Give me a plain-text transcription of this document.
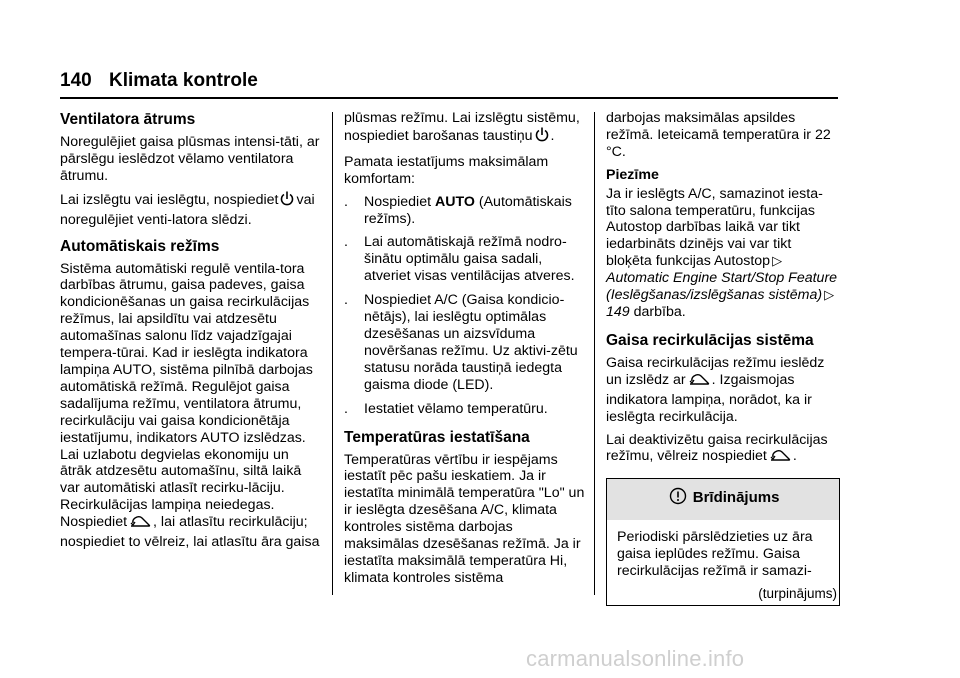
140 Klimata kontrole
Ventilatora ātrums

Noregulējiet gaisa plūsmas intensi-tāti, ar pārslēgu ieslēdzot vēlamo ventilatora ātrumu.

Lai izslēgtu vai ieslēgtu, nospiediet vai noregulējiet venti-latora slēdzi.

Automātiskais režīms

Sistēma automātiski regulē ventila-tora darbības ātrumu, gaisa padeves, gaisa kondicionēšanas un gaisa recirkulācijas režīmus, lai apsildītu vai atdzesētu automašīnas salonu līdz vajadzīgajai tempera-tūrai. Kad ir ieslēgta indikatora lampiņa AUTO, sistēma pilnībā darbojas automātiskā režīmā. Regulējot gaisa sadalījuma režīmu, ventilatora ātrumu, recirkulāciju vai gaisa kondicionētāja iestatījumu, indikators AUTO izslēdzas. Lai uzlabotu degvielas ekonomiju un ātrāk atdzesētu automašīnu, siltā laikā var automātiski atlasīt recirku-lāciju. Recirkulācijas lampiņa neiedegas. Nospiediet , lai atlasītu recirkulāciju; nospiediet to vēlreiz, lai atlasītu āra gaisa

plūsmas režīmu. Lai izslēgtu sistēmu, nospiediet barošanas taustiņu .

Pamata iestatījums maksimālam komfortam:

. Nospiediet AUTO (Automātiskais režīms).
. Lai automātiskajā režīmā nodro-šinātu optimālu gaisa sadali, atveriet visas ventilācijas atveres.
. Nospiediet A/C (Gaisa kondicio-nētājs), lai ieslēgtu optimālas dzesēšanas un aizsvīduma novēršanas režīmu. Uz aktivi-zētu statusu norāda taustiņā iedegta gaisma diode (LED).
. Iestatiet vēlamo temperatūru.
Temperatūras iestatīšana

Temperatūras vērtību ir iespējams iestatīt pēc pašu ieskatiem. Ja ir iestatīta minimālā temperatūra "Lo" un ir ieslēgta dzesēšana A/C, klimata kontroles sistēma darbojas maksimālas dzesēšanas režīmā. Ja ir iestatīta maksimālā temperatūra Hi, klimata kontroles sistēma

darbojas maksimālas apsildes režīmā. Ieteicamā temperatūra ir 22 °C.

Piezīme

Ja ir ieslēgts A/C, samazinot iesta-tīto salona temperatūru, funkcijas Autostop darbības laikā var tikt iedarbināts dzinējs vai var tikt bloķēta funkcijas Autostop ▷
Automatic Engine Start/Stop Feature (Ieslēgšanas/izslēgšanas sistēma) ▷149 darbība.

Gaisa recirkulācijas sistēma

Gaisa recirkulācijas režīmu ieslēdz un izslēdz ar . Izgaismojas indikatora lampiņa, norādot, ka ir ieslēgta recirkulācija.

Lai deaktivizētu gaisa recirkulācijas režīmu, vēlreiz nospiediet .

Brīdinājums
Periodiski pārslēdzieties uz āra gaisa ieplūdes režīmu. Gaisa recirkulācijas režīmā ir samazi-
(turpinājums)
carmanualsonline.info
